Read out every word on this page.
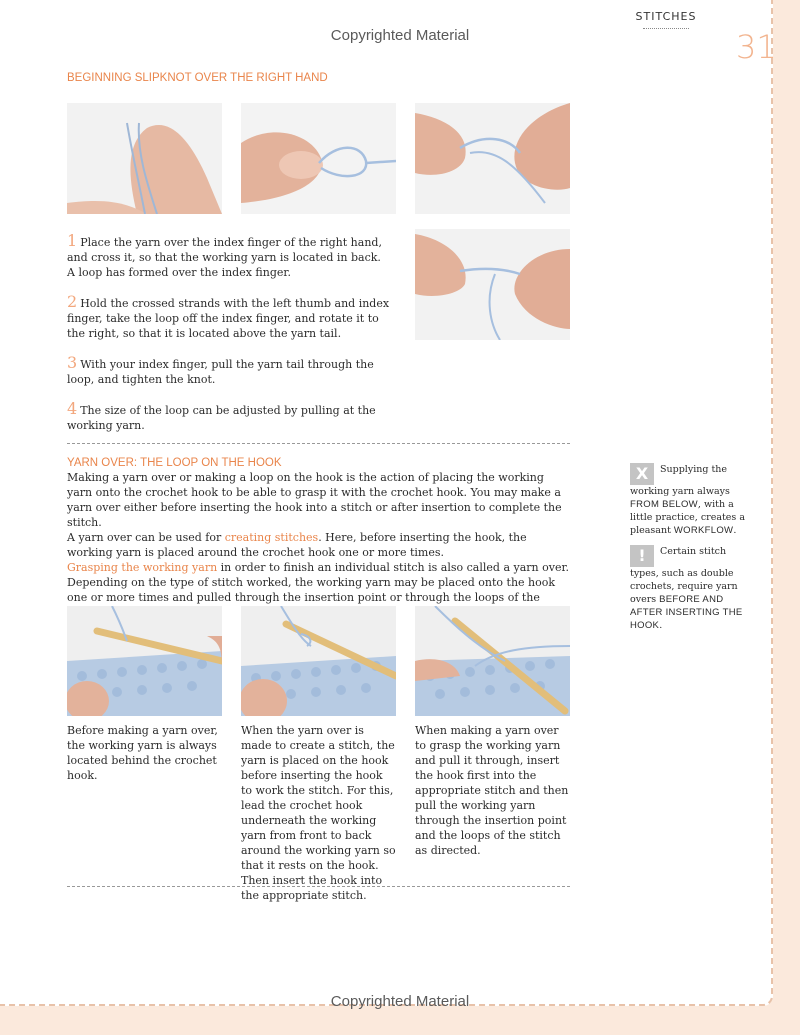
STITCHES
31
Copyrighted Material
BEGINNING SLIPKNOT OVER THE RIGHT HAND
1 Place the yarn over the index finger of the right hand, and cross it, so that the working yarn is located in back. A loop has formed over the index finger.
2 Hold the crossed strands with the left thumb and index finger, take the loop off the index finger, and rotate it to the right, so that it is located above the yarn tail.
3 With your index finger, pull the yarn tail through the loop, and tighten the knot.
4 The size of the loop can be adjusted by pulling at the working yarn.
YARN OVER: THE LOOP ON THE HOOK

Making a yarn over or making a loop on the hook is the action of placing the working yarn onto the crochet hook to be able to grasp it with the crochet hook. You may make a yarn over either before inserting the hook into a stitch or after insertion to complete the stitch.

A yarn over can be used for creating stitches. Here, before inserting the hook, the working yarn is placed around the crochet hook one or more times.

Grasping the working yarn in order to finish an individual stitch is also called a yarn over. Depending on the type of stitch worked, the working yarn may be placed onto the hook one or more times and pulled through the insertion point or through the loops of the

Before making a yarn over, the working yarn is always located behind the crochet hook.
When the yarn over is made to create a stitch, the yarn is placed on the hook before inserting the hook to work the stitch. For this, lead the crochet hook underneath the working yarn from front to back around the working yarn so that it rests on the hook. Then insert the hook into the appropriate stitch.
When making a yarn over to grasp the working yarn and pull it through, insert the hook first into the appropriate stitch and then pull the working yarn through the insertion point and the loops of the stitch as directed.
X Supplying the working yarn always FROM BELOW, with a little practice, creates a pleasant WORKFLOW.
! Certain stitch types, such as double crochets, require yarn overs BEFORE AND AFTER INSERTING THE HOOK.
Copyrighted Material
